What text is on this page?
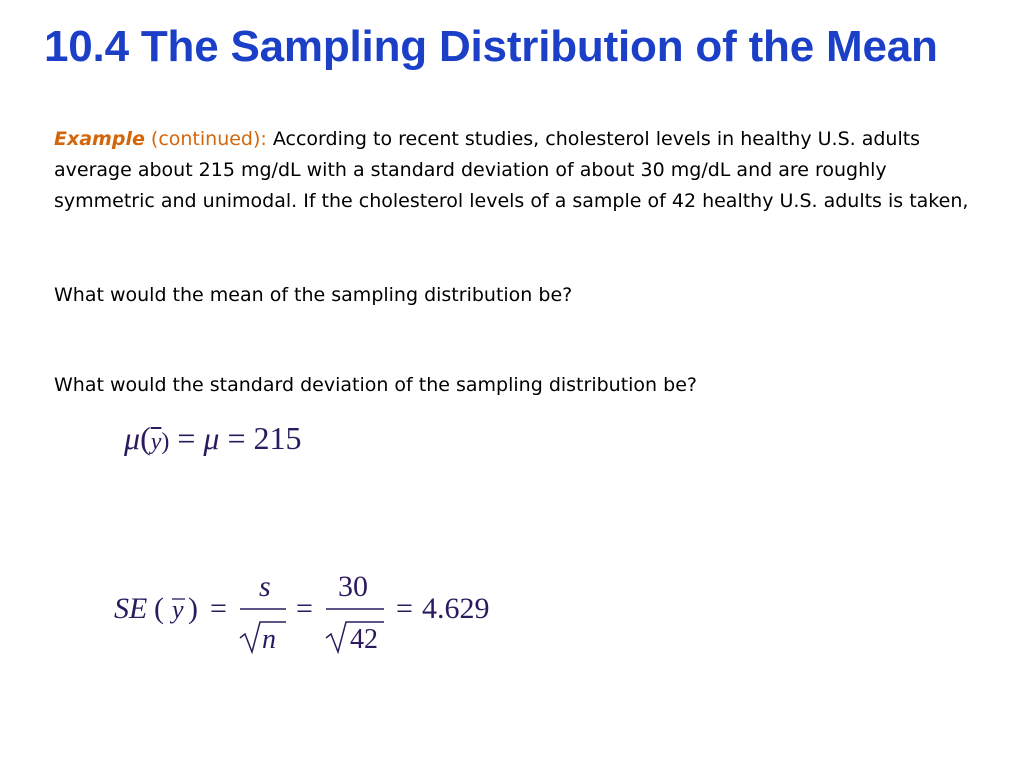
10.4 The Sampling Distribution of the Mean
Example (continued): According to recent studies, cholesterol levels in healthy U.S. adults average about 215 mg/dL with a standard deviation of about 30 mg/dL and are roughly symmetric and unimodal. If the cholesterol levels of a sample of 42 healthy U.S. adults is taken,
What would the mean of the sampling distribution be?
What would the standard deviation of the sampling distribution be?
$\mu(\overline{y}) = \mu = 215$
SE ( y ) =
s
n
=
30
42
= 4.629
